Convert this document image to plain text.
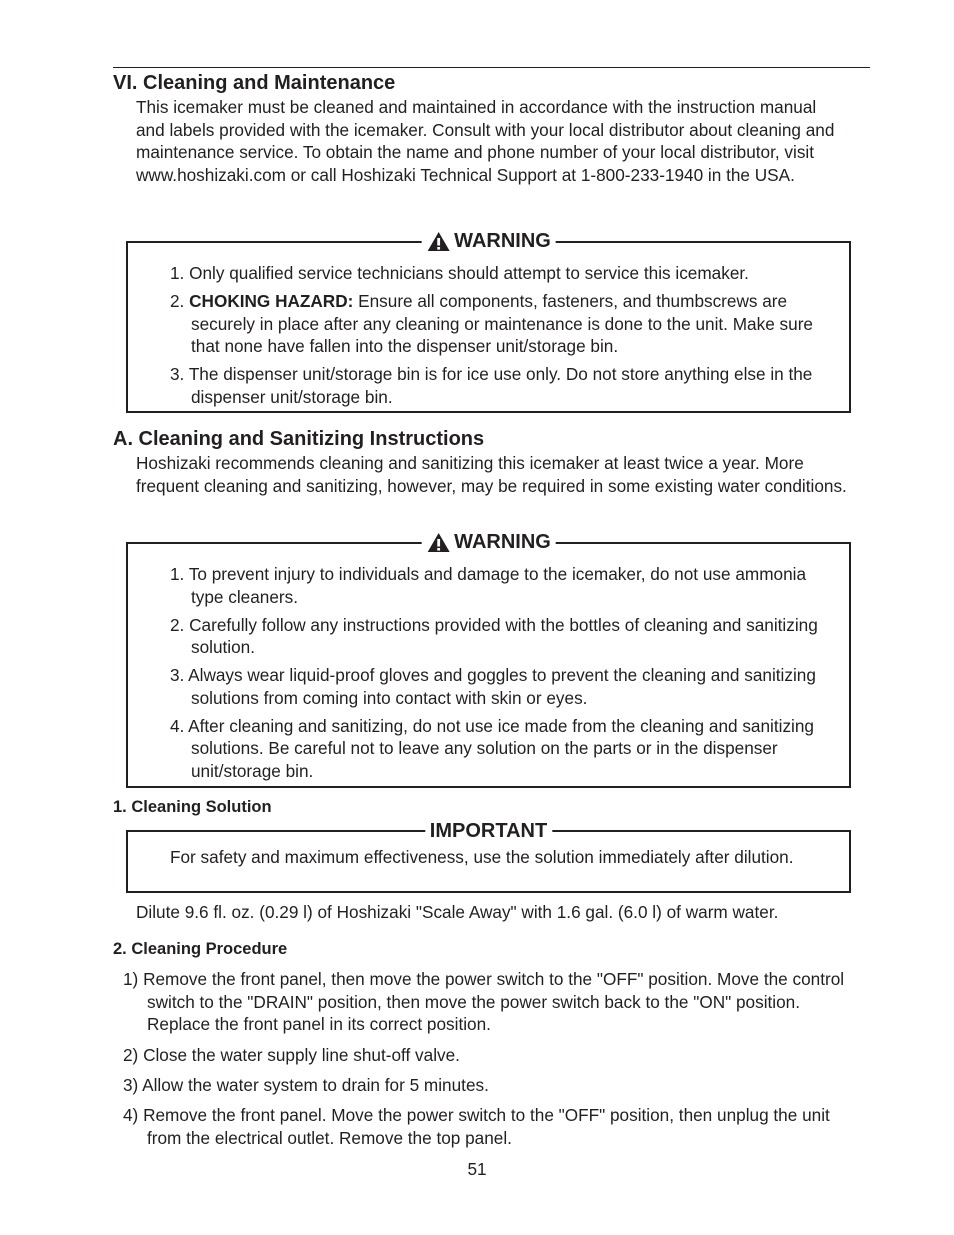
VI. Cleaning and Maintenance

This icemaker must be cleaned and maintained in accordance with the instruction manual and labels provided with the icemaker. Consult with your local distributor about cleaning and maintenance service. To obtain the name and phone number of your local distributor, visit www.hoshizaki.com or call Hoshizaki Technical Support at 1-800-233-1940 in the USA.

WARNING
1. Only qualified service technicians should attempt to service this icemaker.
2. CHOKING HAZARD: Ensure all components, fasteners, and thumbscrews are securely in place after any cleaning or maintenance is done to the unit. Make sure that none have fallen into the dispenser unit/storage bin.
3. The dispenser unit/storage bin is for ice use only. Do not store anything else in the dispenser unit/storage bin.
A. Cleaning and Sanitizing Instructions

Hoshizaki recommends cleaning and sanitizing this icemaker at least twice a year. More frequent cleaning and sanitizing, however, may be required in some existing water conditions.

WARNING
1. To prevent injury to individuals and damage to the icemaker, do not use ammonia type cleaners.
2. Carefully follow any instructions provided with the bottles of cleaning and sanitizing solution.
3. Always wear liquid-proof gloves and goggles to prevent the cleaning and sanitizing solutions from coming into contact with skin or eyes.
4. After cleaning and sanitizing, do not use ice made from the cleaning and sanitizing solutions. Be careful not to leave any solution on the parts or in the dispenser unit/storage bin.
1. Cleaning Solution
IMPORTANT

For safety and maximum effectiveness, use the solution immediately after dilution.

Dilute 9.6 fl. oz. (0.29 l) of Hoshizaki "Scale Away" with 1.6 gal. (6.0 l) of warm water.

2. Cleaning Procedure
1) Remove the front panel, then move the power switch to the "OFF" position. Move the control switch to the "DRAIN" position, then move the power switch back to the "ON" position. Replace the front panel in its correct position.
2) Close the water supply line shut-off valve.
3) Allow the water system to drain for 5 minutes.
4) Remove the front panel. Move the power switch to the "OFF" position, then unplug the unit from the electrical outlet. Remove the top panel.
51
